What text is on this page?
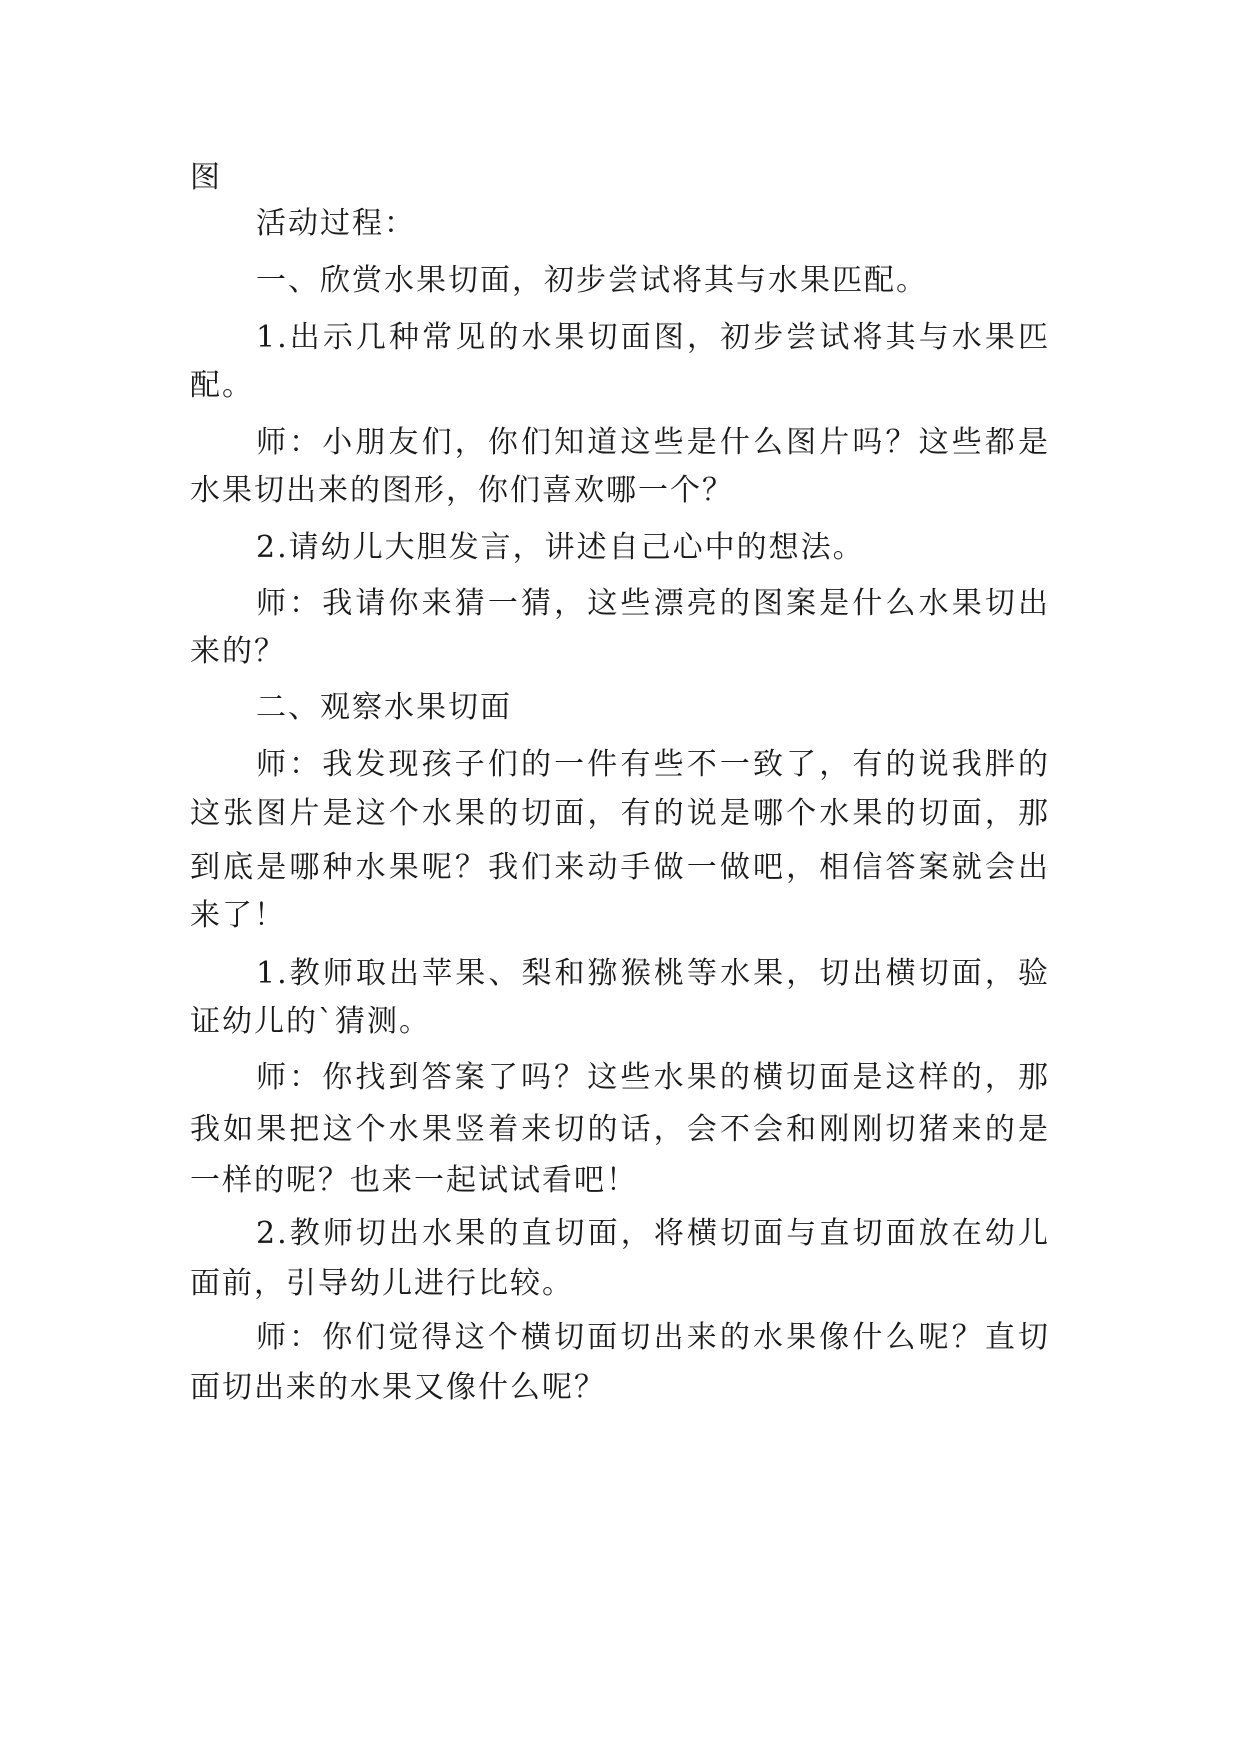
图
活动过程：
一、欣赏水果切面，初步尝试将其与水果匹配。
1.出示几种常见的水果切面图，初步尝试将其与水果匹
配。
师：小朋友们，你们知道这些是什么图片吗？这些都是
水果切出来的图形，你们喜欢哪一个？
2.请幼儿大胆发言，讲述自己心中的想法。
师：我请你来猜一猜，这些漂亮的图案是什么水果切出
来的？
二、观察水果切面
师：我发现孩子们的一件有些不一致了，有的说我胖的
这张图片是这个水果的切面，有的说是哪个水果的切面，那
到底是哪种水果呢？我们来动手做一做吧，相信答案就会出
来了！
1.教师取出苹果、梨和猕猴桃等水果，切出横切面，验
证幼儿的`猜测。
师：你找到答案了吗？这些水果的横切面是这样的，那
我如果把这个水果竖着来切的话，会不会和刚刚切猪来的是
一样的呢？也来一起试试看吧！
2.教师切出水果的直切面，将横切面与直切面放在幼儿
面前，引导幼儿进行比较。
师：你们觉得这个横切面切出来的水果像什么呢？直切
面切出来的水果又像什么呢？
